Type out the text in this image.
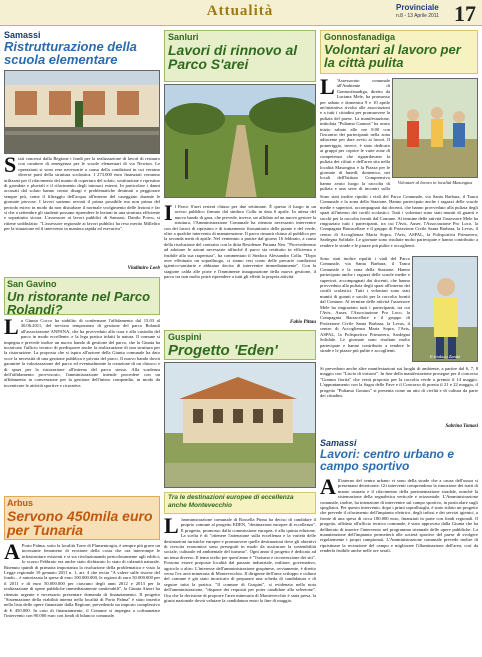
Attualità	Provinciale
n.8 - 13 Aprile 2011 17
Samassi
Ristrutturazione della scuola elementare
Stati concessi dalla Regione i fondi per la realizzazione di lavori di restauro con carattere di emergenza per le scuole elementari di via Newton. Le operazioni si sono rese necessarie a causa della condizioni in cui versano diverse parti della struttura scolastica. I 273.000 euro finanziati verranno utilizzati per il rifacimento del manto di copertura del solaio, sostituzione e ripristino di grondaie e pluviali e il rifacimento degli intonaci esterni. In particolare i danni accusati dal solaio hanno creato disagi e problematiche destinati a peggiorare sempre più, come il filtraggio dell'acqua all'interno del caseggiato durante le giornate piovose. I lavori saranno avviati il prima possibile ma non prima del periodo estivo in modo da non disturbare il normale svolgimento delle lezioni e far sì che a settembre gli studenti possano riprendere le lezioni in una struttura efficiente e soprattutto sicura. L'assessore ai lavori pubblici di Samassi, Danilo Porcu, si ritiene soddisfatto: "L'assessore regionale ai lavori pubblici ha reso merito Milleliro per la situazione ed il intervento in maniera rapida ed esecutiva".
Vladimiro Loeb
San Gavino
Un ristorante nel Parco Rolandi?
La Giunta Cocco ha stabilito di confermare l'affidamento dal 15.03 al 30.06.2011, del servizio temporaneo di gestione del parco Rolandi all'associazione ANPANA, che ha provveduto alla cura e alla custodia del parco in modo eccellente, e la lega pratica infatti la natura. Il comune si impegna e prevede inoltre un nuovo bando di gestione del parco, che la Giunta ha incaricato l'ufficio tecnico di predisporre anche la realizzazione di una struttura per la ristorazione. La proposta che si ispira all'azione della Giunta comunale ha dato voce la necessità di una gestione pubblica e privata del parco. Il nuovo bando dovrà garantire la valorizzazione del parco ed eventualmente la creazione di un chiosco e di spazi per la ristorazione all'interno del parco stesso. Alla scadenza dell'affidamento provvisorio, l'amministrazione intende procedere con un affidamento in convenzione per la gestione dell'intero compendio, in modo da incentivare le attività sportive e ricreative.
Arbus
Servono 450mila euro per Tunaria
A Porto Palma, sotto la località Torre di Flumentorgiu, è sempre più grave un incessante fenomeno di erosione della costa che ora interrompe le infrastrutture esistenti e si sta rivoluzionando pericolosamente agli edifici; lo scorso Febbraio era anche stato dichiarato lo stato di calamità naturale. Ritenuto quindi di primaria importanza la risoluzione della problematica e visto la Legge regionale 19 gennaio 2011 n. 1, art. 4 che recita "A valere sulle risorse del fondo... è autorizzata la spesa di euro 100.000.000, le regioni di euro 50.000.000 per il 2011 e di euro 50.000.000 per ciascuno degli anni 2012 e 2013 per la realizzazione di opere pubbliche immediatamente cantierabili", la Giunta Atzori ha ritenuto urgente e necessario presentare domanda di finanziamento. Il progetto "Sistemazione della viabilità interna nella località di Porto Palma" è stato inserito nella lista delle opere finanziate dalla Regione, prevedendo un importo complessivo di € 450.000. In caso di finanziamento, il Comune si impegna a cofinanziare l'intervento con 90.000 euro con fondi di bilancio comunale.
Sanluri
Lavori di rinnovo al Parco S'arei
Il Parco S'arei resterà chiuso per due settimane. È questo il luogo in un avviso pubblico firmato dal sindaco Collu in data 6 aprile. In attesa del nuovo bando di gara, che prevede, invece, un affidato ad un nuovo gestore la struttura, l'Amministrazione Comunale ha ritenuto necessario intervenire con dei lavori di ripristino e di trattamento fitosanitario delle piante e del verde, oltre a qualche intervento di manutenzione. Il parco rimarrà chiuso al pubblico per la seconda metà di aprile. Nel ventennio a partire dal giorno 16 febbraio, a causa della risoluzione del contratto con la ditta Residenze Puttana Nea. "Provvederemo ad adottare le azioni necessarie affinché il parco sia restituito in efficienza e fruibile alla sua riapertura", ha commentato il Sindaco Alessandro Collu. "Dopo aver effettuato un sopralluogo, ci siamo resi conto delle precarie condizioni igienico-sanitarie e abbiamo deciso di intervenire immediatamente". Con la stagione calda alle porte e l'imminente inaugurazione della nuova gestione, il parco tra non molto potrà riprendere a tutti gli effetti la propria attività.
Fabio Pittau
Guspini
Progetto 'Eden'
Tra le destinazioni europee di eccellenza anche Montevecchio
L 'amministrazione comunale di Rossella Pinna ha deciso di candidare il proprio comune al progetto EDEN, "destinazioni europee di eccellenza". Il progetto, promosso dalla commissione europea, è alla quinta edizione. La scelta è di "ottenere l'attenzione sulla eccellenza e la varietà delle destinazioni turistiche europee e promuovere quelle destinazioni dove gli obiettivi di crescita economica sono perseguiti in modo da assicurare la sostenibilità sociale, culturale ed ambientale del turismo". Ogni anno il progetto è dedicato ad un tema diverso. Il tema scelto per quest'anno è "Turismo e riconversione dei siti". Possono essere proposte località dal passato industriale, militare, governativo, agricolo o altro. L'interesse dell'amministrazione guspinese, ovviamente, è diretto verso l'ex area mineraria di Montevecchio. Il dirigente dell'area sviluppo e cultura del comune è già stato incaricato di preparare una scheda di candidatura e di seguire tutta la pratica. "Il comune di Guspini", si evidenzia nella nota dell'amministrazione, "dispone dei requisiti per poter candidare alla selezione". Ora che la decisione di proporre l'area mineraria di Montevecchio è stata presa, la giuria nazionale dovrà valutare la candidatura entro la fine di maggio.
Gonnosfanadiga
Volontari al lavoro per la città pulita
L 'Assessorato comunale all'Ambiente di Gonnosfanadiga, diretto da Luciana Mele, ha promosso per sabato e domenica 9 e 10 aprile un'iniziativa rivolta alle associazioni e a tutti i cittadini per promuovere la pulizia del paese. La manifestazione, intitolata "Puliamo Gonnos" ha avuto inizio sabato alle ore 8.00 con l'incontro dei partecipanti nella zona adiacente per dare avvio ai lavori. Il pomeriggio, invece, è stato dedicato ai gruppi per coprire le varie zone di competenza che riguardavano la pulizia dei rifiuti e dell'area sita nella località Masongius e la Piazza per le giornate di lunedì, domenica, nei locali dell'Istituto Comprensivo hanno avuto luogo la raccolta di pulizia e una serie di incontri sulla
Volontari al lavoro in località Masongius
Sono stati inoltre ripuliti i viali del Parco Comunale, via Santa Barbara, il Tanca Comunale e la zona della Stazione. Hanno partecipato anche i ragazzi delle scuole medie e superiori, accompagnati dai docenti, che hanno provveduto alla pulizia degli spazi all'interno dei cortili scolastici. Tutti i volontari sono stati muniti di guanti e sacchi per la raccolta forniti dal Comune. Al termine delle attività l'assessore Mele ha ringraziato tutti i partecipanti, tra cui l'Avis, Auser, l'Associazione Pro Loco, la Compagnia Barracellare e il gruppo di Protezione Civile Santa Barbara, la Levas, il centro di Accoglienza Maria Sopra, l'Avis, ASPAL, la Polisportiva Primavera, Sardegna Solidale. Le giornate sono risultate molto partecipate e hanno contribuito a rendere le strade e le piazze più pulite e accoglienti.
Il sindaco Zanda
Sono stati inoltre ripuliti i viali del Parco Comunale, via Santa Barbara, il Tanca Comunale e la zona della Stazione. Hanno partecipato anche i ragazzi delle scuole medie e superiori, accompagnati dai docenti, che hanno provveduto alla pulizia degli spazi all'interno dei cortili scolastici. Tutti i volontari sono stati muniti di guanti e sacchi per la raccolta forniti dal Comune. Al termine delle attività l'assessore Mele ha ringraziato tutti i partecipanti, tra cui l'Avis, Auser, l'Associazione Pro Loco, la Compagnia Barracellare e il gruppo di Protezione Civile Santa Barbara, la Levas, il centro di Accoglienza Maria Sopra, l'Avis, ASPAL, la Polisportiva Primavera, Sardegna Solidale. Le giornate sono risultate molto partecipate e hanno contribuito a rendere le strade e le piazze più pulite e accoglienti.
Si prevedono anche altre manifestazioni sui luoghi di ambiente, a partire dal 6, 7, 8 maggio con "Liscio di virtuosi". In fine della manifestazione prosegue per il concorso "Gonnos fiorita" che verrà proposto per la raccolta verde a premio il 14 maggio. L'appuntamento con la Sagra delle Fave e il Concorso di poesia il 21 e 22 maggio, il progetto "Puliamo Gonnos" si presenta come un atto di civiltà e di cultura da parte dei cittadini.
Sabrina Tomasi
Samassi
Lavori: centro urbano e campo sportivo
All'interno del centro urbano vi sono della strade che a causa dell'usura si presentano deteriorate. Gli interventi comprendono la rimozione dei tratti di manto usurato e il rifacimento della pavimentazione stradale, nonché la sistemazione della segnaletica verticale e orizzontale. L'Amministrazione comunale, inoltre, ha intenzione di intervenire sul campo sportivo, in particolare sugli spogliatoi. Per questo intervento, dopo i primi sopralluoghi, è stato stilato un progetto che prevede il rifacimento dell'impianto elettrico, degli infissi e dei servizi igienici, a fronte di una spesa di circa 180.000 euro, finanziati in parte con fondi regionali. Il progetto, affidato all'ufficio tecnico comunale, è stato approvato dalla Giunta che ha deliberato di inserire l'intervento nel programma triennale delle opere pubbliche. La manutenzione dell'impianto permetterà alle società sportive del paese di svolgere regolarmente i propri campionati. L'Amministrazione comunale prevede inoltre di ripristinare la recinzione del campo e migliorare l'illuminazione dell'area, così da renderla fruibile anche nelle ore serali.
